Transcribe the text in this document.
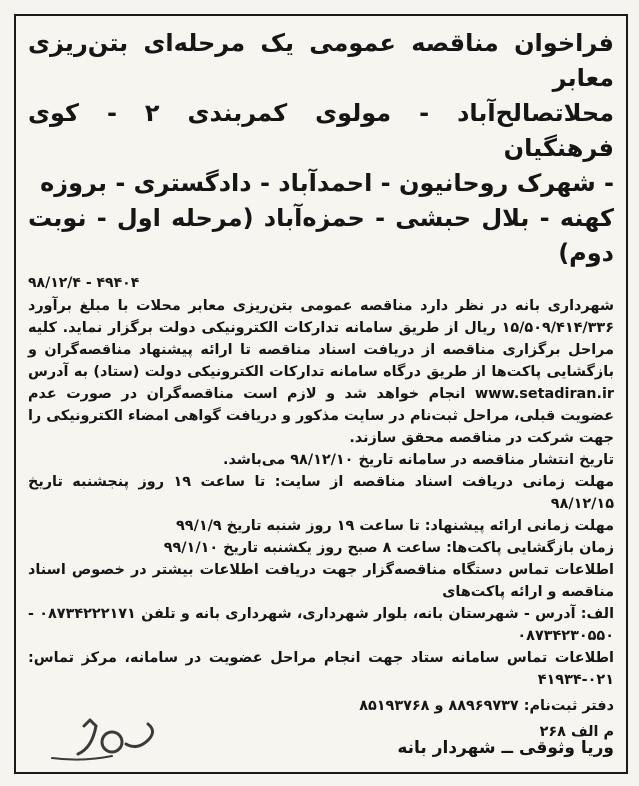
فراخوان مناقصه عمومی یک مرحله‌ای بتن‌ریزی معابر
محلاتصالح‌آباد - مولوی کمربندی ۲ - کوی فرهنگیان
- شهرک روحانیون - احمدآباد - دادگستری - بروزه
کهنه - بلال حبشی - حمزه‌آباد (مرحله اول - نوبت دوم)
۴۹۴۰۴ - ۹۸/۱۲/۴

شهرداری بانه در نظر دارد مناقصه عمومی بتن‌ریزی معابر محلات با مبلغ برآورد ۱۵/۵۰۹/۴۱۴/۳۳۶ ریال از طریق سامانه تدارکات الکترونیکی دولت برگزار نماید. کلیه مراحل برگزاری مناقصه از دریافت اسناد مناقصه تا ارائه پیشنهاد مناقصه‌گران و بازگشایی پاکت‌ها از طریق درگاه سامانه تدارکات الکترونیکی دولت (ستاد) به آدرس www.setadiran.ir انجام خواهد شد و لازم است مناقصه‌گران در صورت عدم عضویت قبلی، مراحل ثبت‌نام در سایت مذکور و دریافت گواهی امضاء الکترونیکی را جهت شرکت در مناقصه محقق سازند.

تاریخ انتشار مناقصه در سامانه تاریخ ۹۸/۱۲/۱۰ می‌باشد.

مهلت زمانی دریافت اسناد مناقصه از سایت: تا ساعت ۱۹ روز پنجشنبه تاریخ ۹۸/۱۲/۱۵

مهلت زمانی ارائه پیشنهاد: تا ساعت ۱۹ روز شنبه تاریخ ۹۹/۱/۹

زمان بازگشایی پاکت‌ها: ساعت ۸ صبح روز یکشنبه تاریخ ۹۹/۱/۱۰

اطلاعات تماس دستگاه مناقصه‌گزار جهت دریافت اطلاعات بیشتر در خصوص اسناد مناقصه و ارائه پاکت‌های

الف: آدرس - شهرستان بانه، بلوار شهرداری، شهرداری بانه و تلفن ۰۸۷۳۴۲۲۲۱۷۱ - ۰۸۷۳۴۲۳۰۵۵۰

اطلاعات تماس سامانه ستاد جهت انجام مراحل عضویت در سامانه، مرکز تماس: ۰۲۱-۴۱۹۳۴

دفتر ثبت‌نام: ۸۸۹۶۹۷۳۷ و ۸۵۱۹۳۷۶۸
م الف ۲۶۸
وریا وثوقی ــ شهردار بانه
